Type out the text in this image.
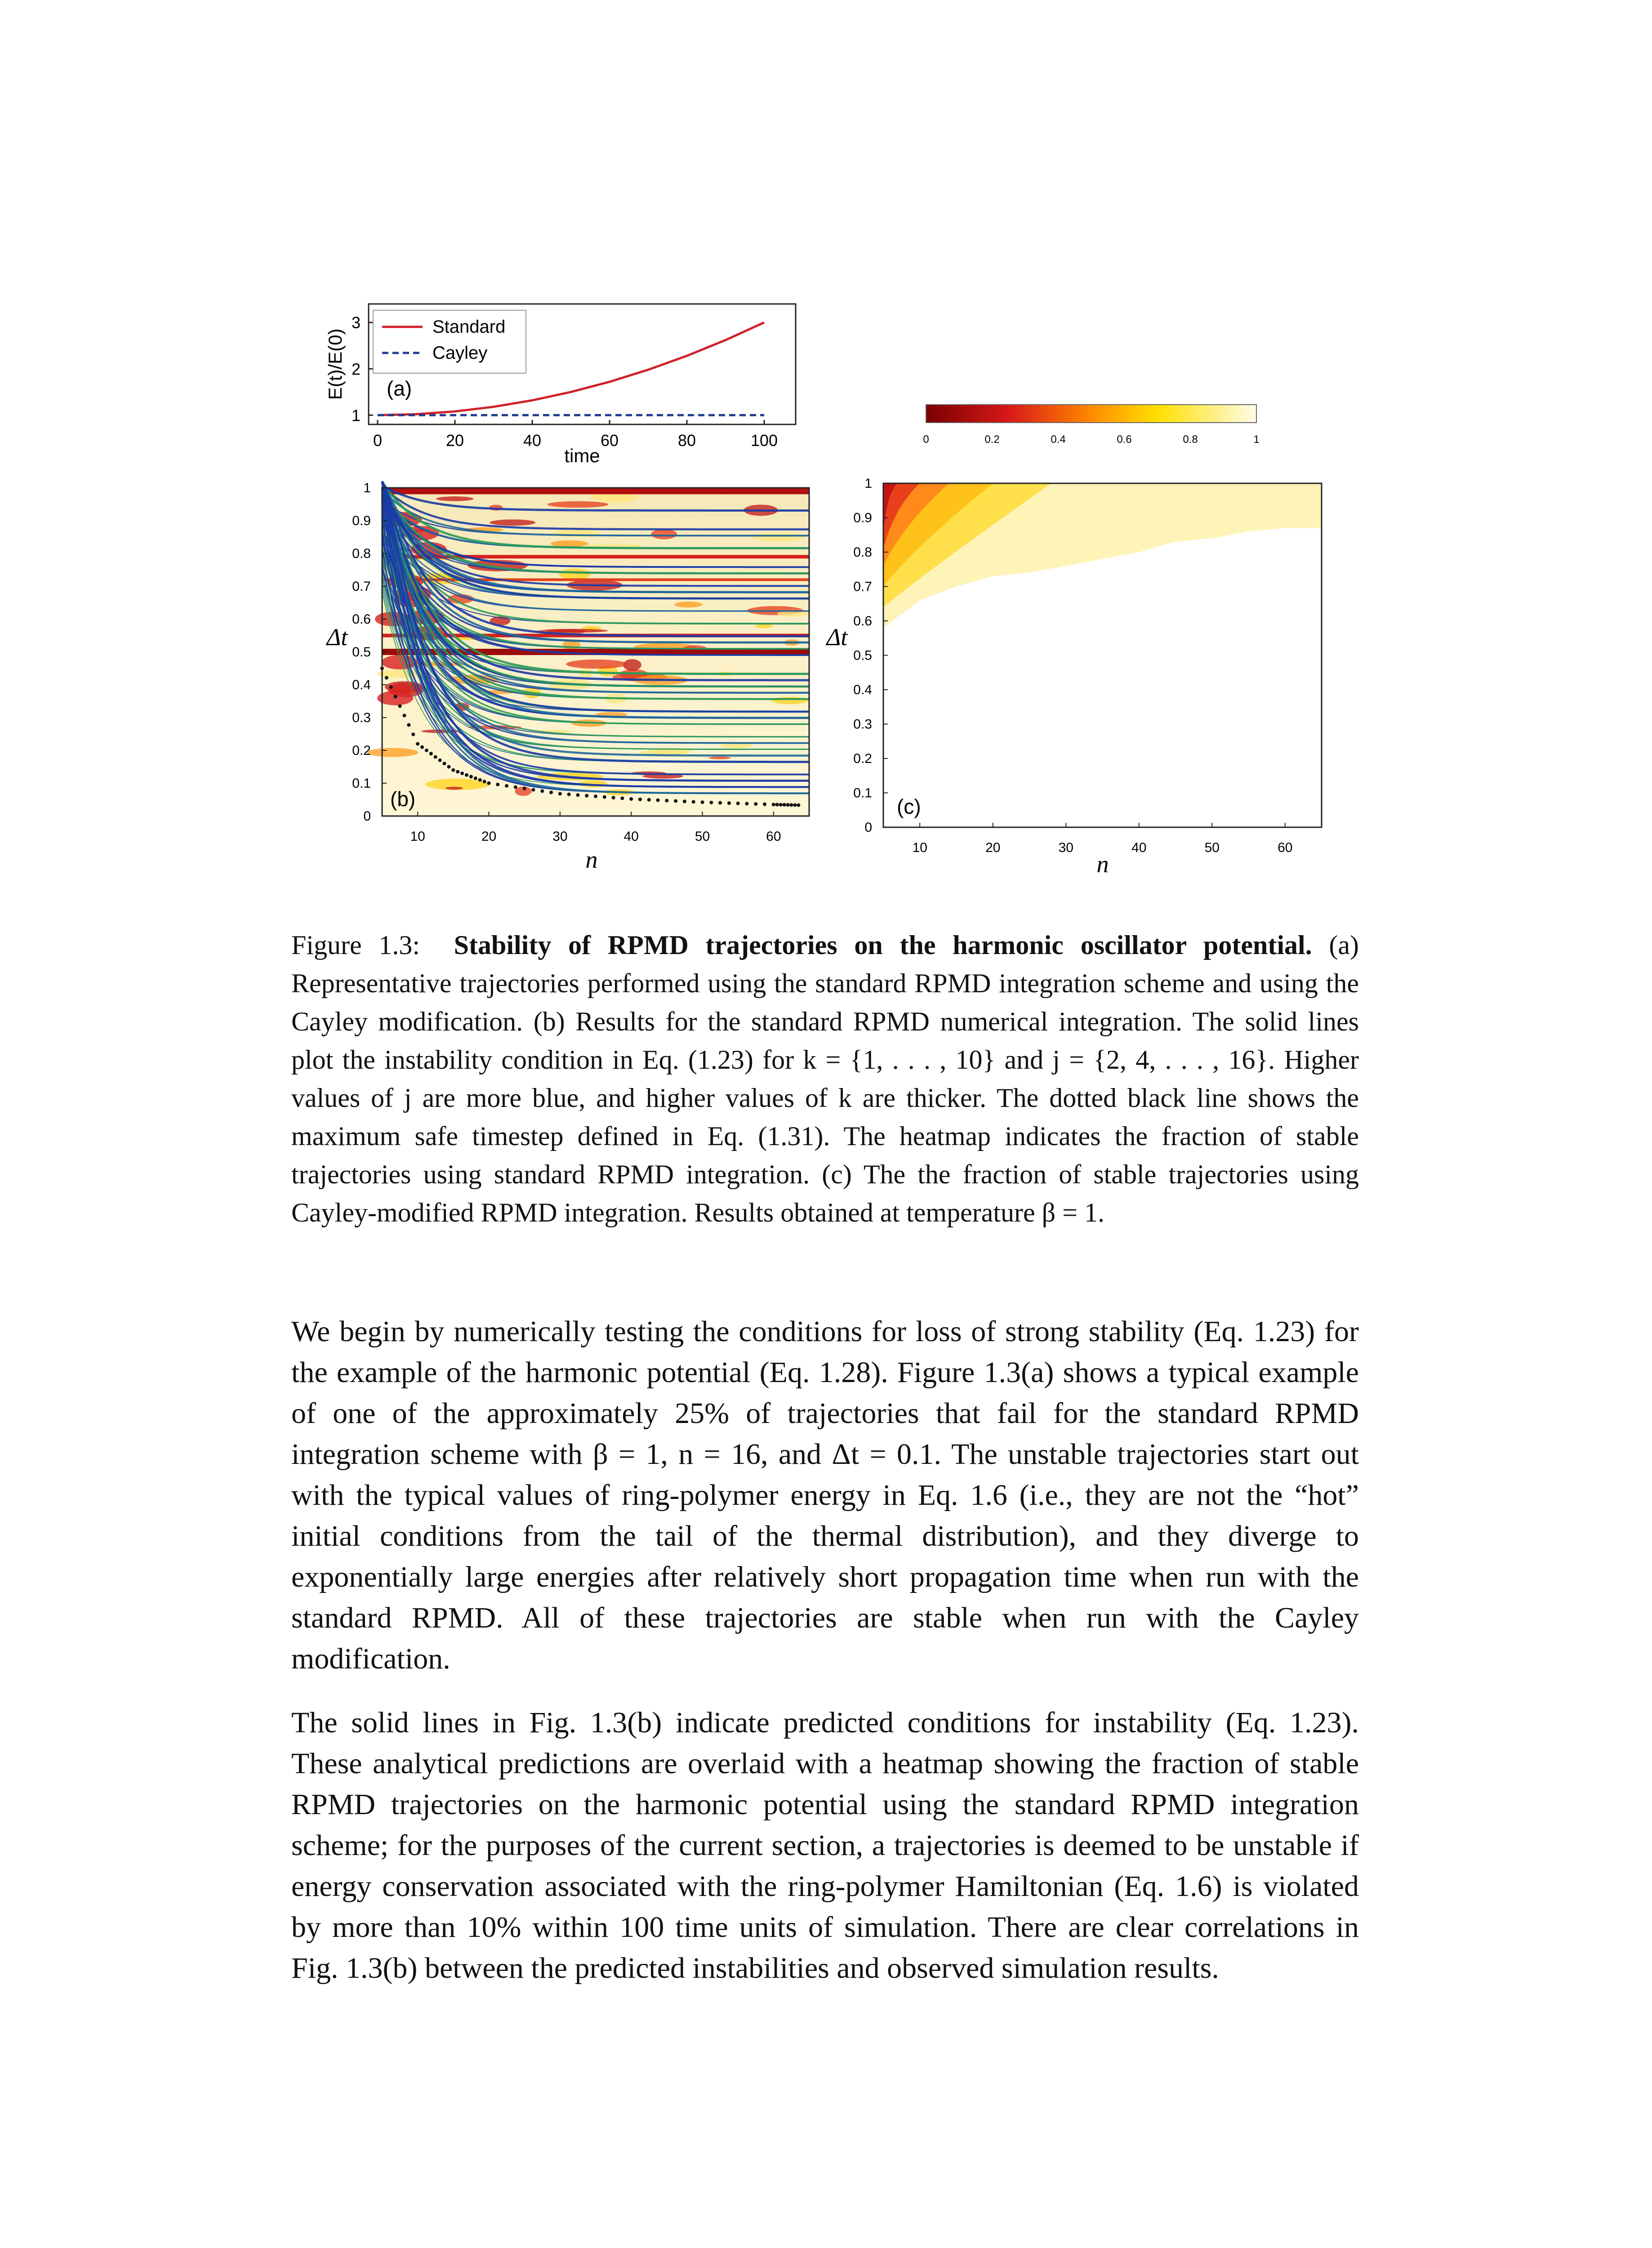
0	20	40	60	80	100
1
2
3	Standard
Cayley
(a)
time
E(t)/E(0)
10	20	30	40	50	60
0
0.1
0.2
0.3
0.4
0.5
0.6
0.7
0.8
0.9
1
(b)
n
Δt
0	0.2	0.4	0.6	0.8	1
10	20	30	40	50	60
0
0.1
0.2
0.3
0.4
0.5
0.6
0.7
0.8
0.9
1
(c)
n
Δt

Figure 1.3: Stability of RPMD trajectories on the harmonic oscillator potential. (a) Representative trajectories performed using the standard RPMD integration scheme and using the Cayley modification. (b) Results for the standard RPMD numerical integration. The solid lines plot the instability condition in Eq. (1.23) for k = {1, . . . , 10} and j = {2, 4, . . . , 16}. Higher values of j are more blue, and higher values of k are thicker. The dotted black line shows the maximum safe timestep defined in Eq. (1.31). The heatmap indicates the fraction of stable trajectories using standard RPMD integration. (c) The the fraction of stable trajectories using Cayley-modified RPMD integration. Results obtained at temperature β = 1.

We begin by numerically testing the conditions for loss of strong stability (Eq. 1.23) for the example of the harmonic potential (Eq. 1.28). Figure 1.3(a) shows a typical example of one of the approximately 25% of trajectories that fail for the standard RPMD integration scheme with β = 1, n = 16, and Δt = 0.1. The unstable trajectories start out with the typical values of ring-polymer energy in Eq. 1.6 (i.e., they are not the “hot” initial conditions from the tail of the thermal distribution), and they diverge to exponentially large energies after relatively short propagation time when run with the standard RPMD. All of these trajectories are stable when run with the Cayley modification.

The solid lines in Fig. 1.3(b) indicate predicted conditions for instability (Eq. 1.23). These analytical predictions are overlaid with a heatmap showing the fraction of stable RPMD trajectories on the harmonic potential using the standard RPMD integration scheme; for the purposes of the current section, a trajectories is deemed to be unstable if energy conservation associated with the ring-polymer Hamiltonian (Eq. 1.6) is violated by more than 10% within 100 time units of simulation. There are clear correlations in Fig. 1.3(b) between the predicted instabilities and observed simulation results.
